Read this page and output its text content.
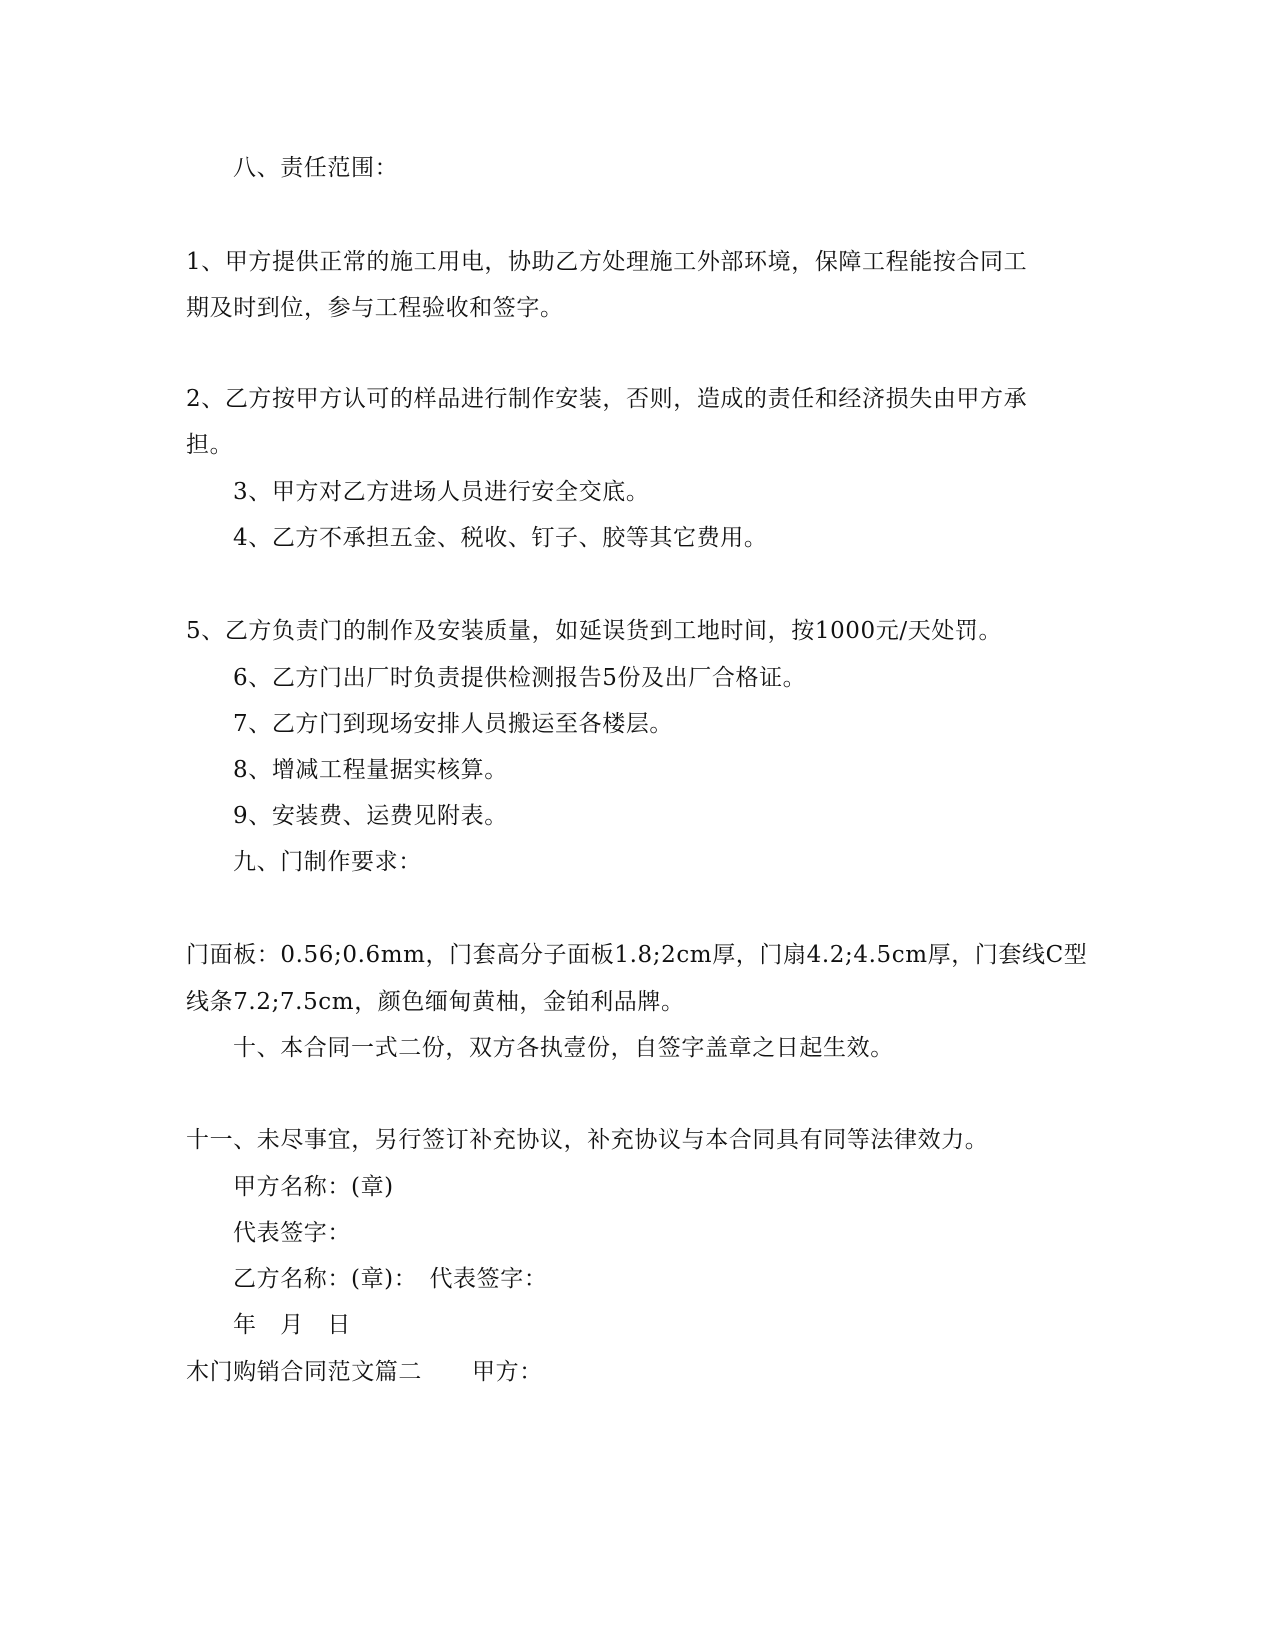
八、责任范围：
1、甲方提供正常的施工用电，协助乙方处理施工外部环境，保障工程能按合同工
期及时到位，参与工程验收和签字。
2、乙方按甲方认可的样品进行制作安装，否则，造成的责任和经济损失由甲方承
担。
3、甲方对乙方进场人员进行安全交底。
4、乙方不承担五金、税收、钉子、胶等其它费用。
5、乙方负责门的制作及安装质量，如延误货到工地时间，按1000元/天处罚。
6、乙方门出厂时负责提供检测报告5份及出厂合格证。
7、乙方门到现场安排人员搬运至各楼层。
8、增减工程量据实核算。
9、安装费、运费见附表。
九、门制作要求：
门面板：0.56;0.6mm，门套高分子面板1.8;2cm厚，门扇4.2;4.5cm厚，门套线C型
线条7.2;7.5cm，颜色缅甸黄柚，金铂利品牌。
十、本合同一式二份，双方各执壹份，自签字盖章之日起生效。
十一、未尽事宜，另行签订补充协议，补充协议与本合同具有同等法律效力。
甲方名称：(章)
代表签字：
乙方名称：(章)：　代表签字：
年　月　日
木门购销合同范文篇二 甲方：
